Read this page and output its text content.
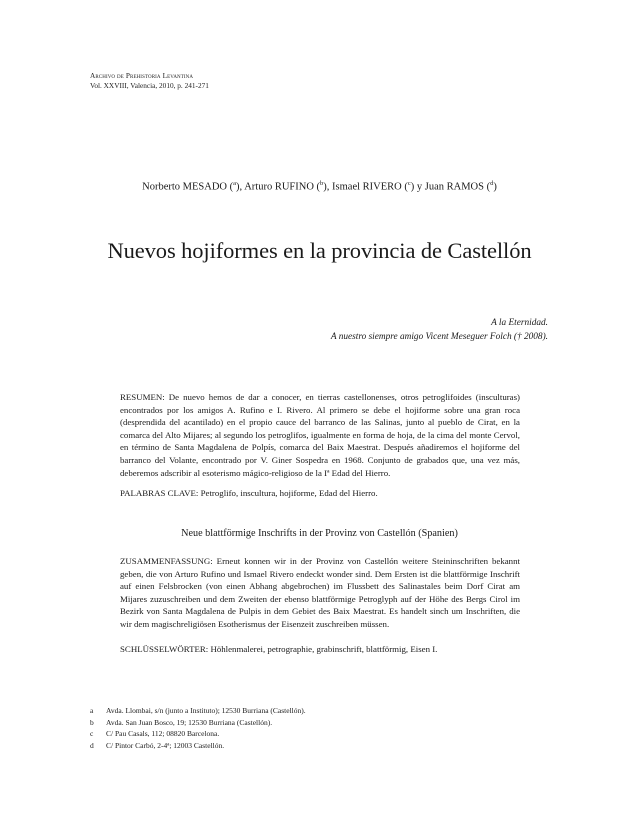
Archivo de Prehistoria Levantina
Vol. XXVIII, Valencia, 2010, p. 241-271
Norberto MESADO ($^a$), Arturo RUFINO ($^b$), Ismael RIVERO ($^c$) y Juan RAMOS ($^d$)
Nuevos hojiformes en la provincia de Castellón
A la Eternidad.
A nuestro siempre amigo Vicent Meseguer Folch († 2008).
RESUMEN: De nuevo hemos de dar a conocer, en tierras castellonenses, otros petroglifoides (insculturas) encontrados por los amigos A. Rufino e I. Rivero. Al primero se debe el hojiforme sobre una gran roca (desprendida del acantilado) en el propio cauce del barranco de las Salinas, junto al pueblo de Cirat, en la comarca del Alto Mijares; al segundo los petroglifos, igualmente en forma de hoja, de la cima del monte Cervol, en término de Santa Magdalena de Polpís, comarca del Baix Maestrat. Después añadiremos el hojiforme del barranco del Volante, encontrado por V. Giner Sospedra en 1968. Conjunto de grabados que, una vez más, deberemos adscribir al esoterismo mágico-religioso de la Iª Edad del Hierro.
PALABRAS CLAVE: Petroglifo, inscultura, hojiforme, Edad del Hierro.
Neue blattförmige Inschrifts in der Provinz von Castellón (Spanien)
ZUSAMMENFASSUNG: Erneut konnen wir in der Provinz von Castellón weitere Steininschriften bekannt geben, die von Arturo Rufino und Ismael Rivero endeckt wonder sind. Dem Ersten ist die blattförmige Inschrift auf einen Felsbrocken (von einen Abhang abgebrochen) im Flussbett des Salinastales beim Dorf Cirat am Mijares zuzuschreiben und dem Zweiten der ebenso blattförmige Petroglyph auf der Höhe des Bergs Cirol im Bezirk von Santa Magdalena de Pulpis in dem Gebiet des Baix Maestrat. Es handelt sinch um Inschriften, die wir dem magischreligiösen Esotherismus der Eisenzeit zuschreiben müssen.
SCHLÜSSELWÖRTER: Höhlenmalerei, petrographie, grabinschrift, blattförmig, Eisen I.
a	Avda. Llombai, s/n (junto a Instituto); 12530 Burriana (Castellón).
b	Avda. San Juan Bosco, 19; 12530 Burriana (Castellón).
c	C/ Pau Casals, 112; 08820 Barcelona.
d	C/ Pintor Carbó, 2-4ª; 12003 Castellón.
